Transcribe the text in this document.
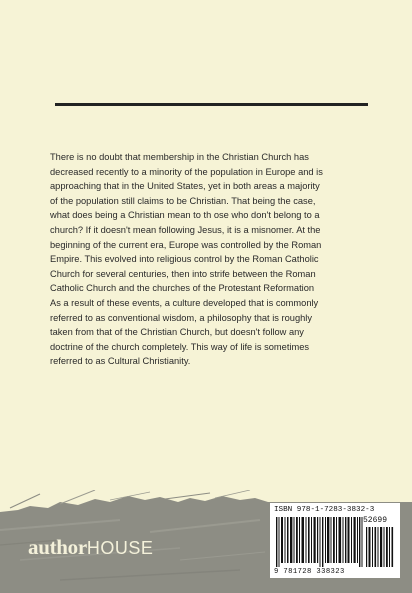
There is no doubt that membership in the Christian Church has

decreased recently to a minority of the population in Europe and is

approaching that in the United States, yet in both areas a majority

of the population still claims to be Christian. That being the case,

what does being a Christian mean to th ose who don't belong to a

church? If it doesn't mean following Jesus, it is a misnomer. At the

beginning of the current era, Europe was controlled by the Roman

Empire. This evolved into religious control by the Roman Catholic

Church for several centuries, then into strife between the Roman

Catholic Church and the churches of the Protestant Reformation

As a result of these events, a culture developed that is commonly

referred to as conventional wisdom, a philosophy that is roughly

taken from that of the Christian Church, but doesn't follow any

doctrine of the church completely. This way of life is sometimes

referred to as Cultural Christianity.

authorHOUSE
ISBN 978-1-7283-3832-3
52699
9 781728 338323
